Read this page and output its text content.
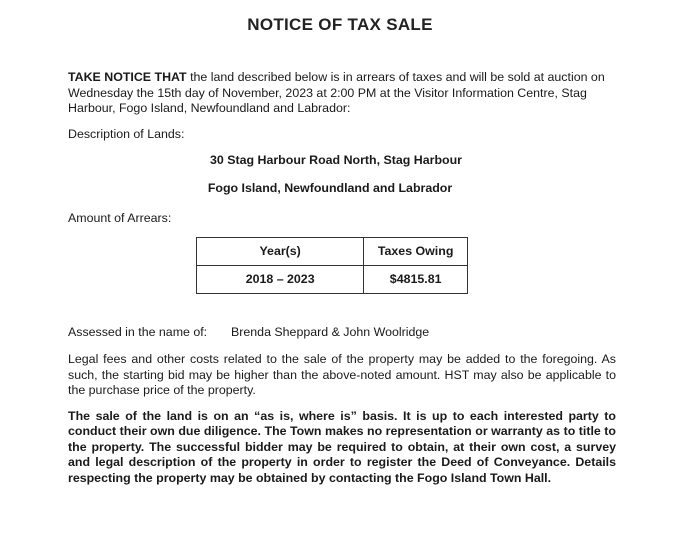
NOTICE OF TAX SALE
TAKE NOTICE THAT the land described below is in arrears of taxes and will be sold at auction on Wednesday the 15th day of November, 2023 at 2:00 PM at the Visitor Information Centre, Stag Harbour, Fogo Island, Newfoundland and Labrador:
Description of Lands:
30 Stag Harbour Road North, Stag Harbour
Fogo Island, Newfoundland and Labrador
Amount of Arrears:
Year(s)	Taxes Owing
2018 – 2023	$4815.81
Assessed in the name of: Brenda Sheppard & John Woolridge
Legal fees and other costs related to the sale of the property may be added to the foregoing. As such, the starting bid may be higher than the above-noted amount. HST may also be applicable to the purchase price of the property.
The sale of the land is on an “as is, where is” basis. It is up to each interested party to conduct their own due diligence. The Town makes no representation or warranty as to title to the property. The successful bidder may be required to obtain, at their own cost, a survey and legal description of the property in order to register the Deed of Conveyance. Details respecting the property may be obtained by contacting the Fogo Island Town Hall.
